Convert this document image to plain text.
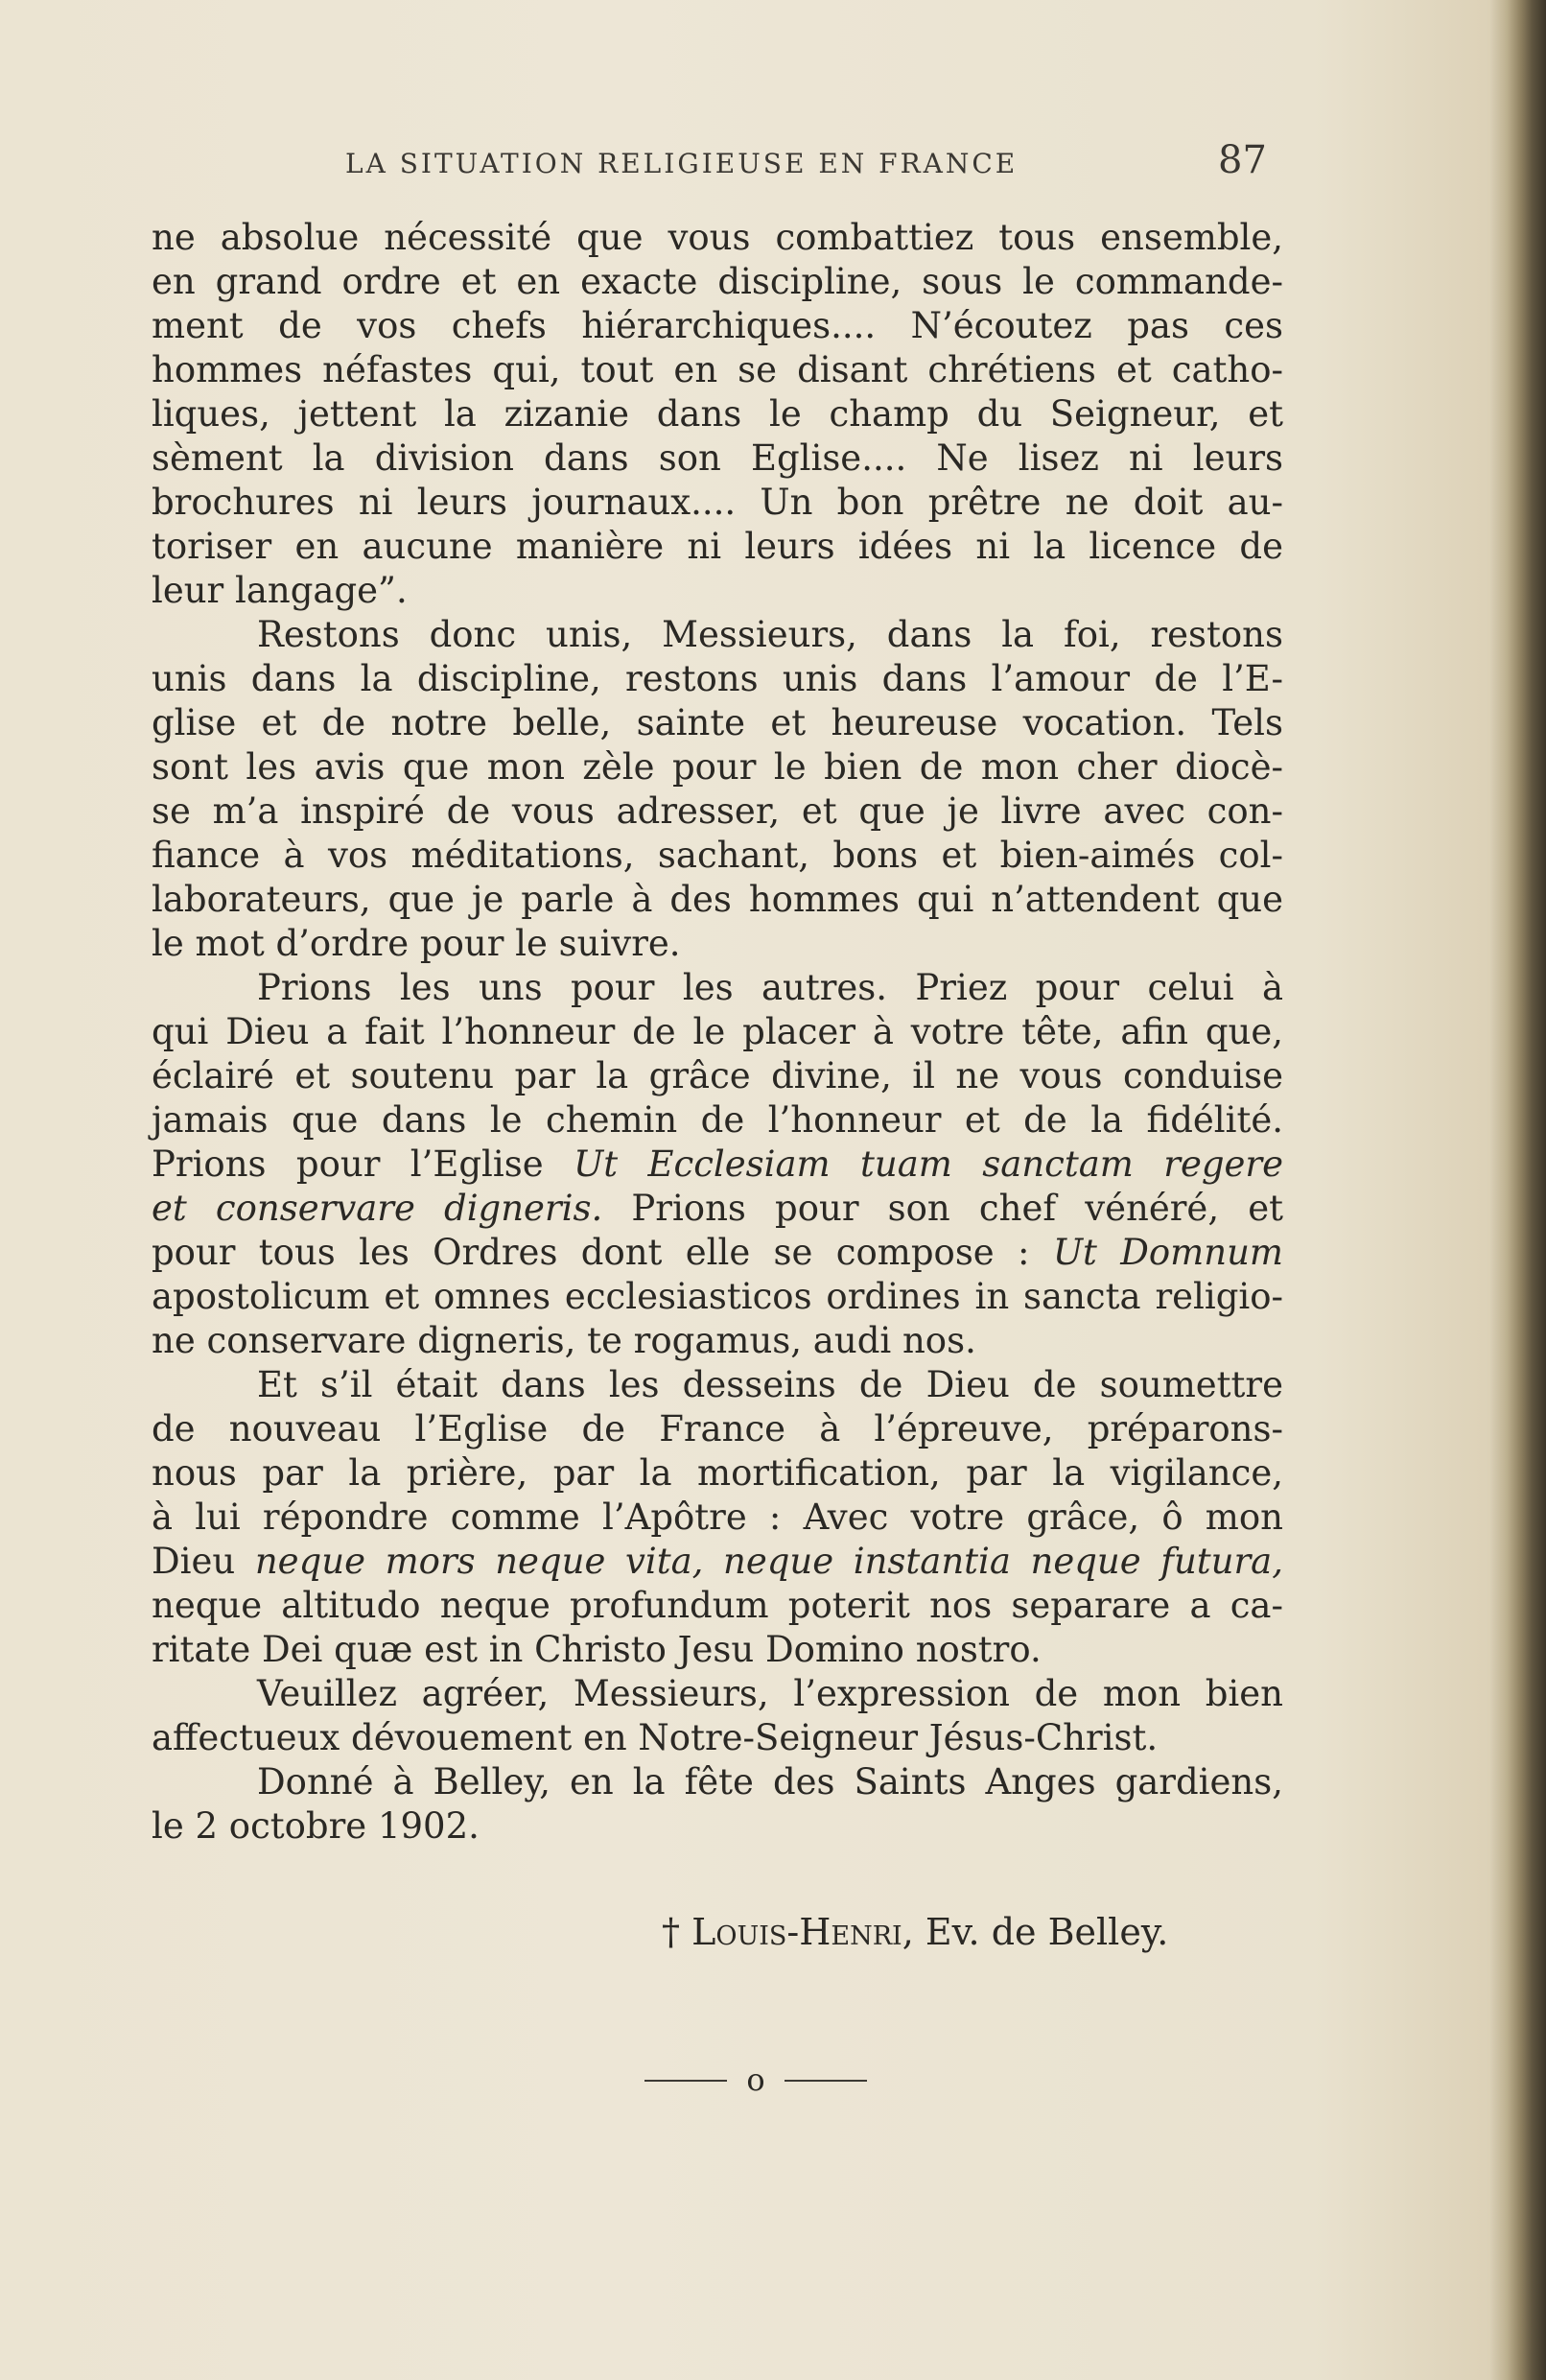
LA SITUATION RELIGIEUSE EN FRANCE	87
ne absolue nécessité que vous combattiez tous ensemble,
en grand ordre et en exacte discipline, sous le commande-
ment de vos chefs hiérarchiques.... N’écoutez pas ces
hommes néfastes qui, tout en se disant chrétiens et catho-
liques, jettent la zizanie dans le champ du Seigneur, et
sèment la division dans son Eglise.... Ne lisez ni leurs
brochures ni leurs journaux.... Un bon prêtre ne doit au-
toriser en aucune manière ni leurs idées ni la licence de
leur langage”.
Restons donc unis, Messieurs, dans la foi, restons
unis dans la discipline, restons unis dans l’amour de l’E-
glise et de notre belle, sainte et heureuse vocation. Tels
sont les avis que mon zèle pour le bien de mon cher diocè-
se m’a inspiré de vous adresser, et que je livre avec con-
fiance à vos méditations, sachant, bons et bien-aimés col-
laborateurs, que je parle à des hommes qui n’attendent que
le mot d’ordre pour le suivre.
Prions les uns pour les autres. Priez pour celui à
qui Dieu a fait l’honneur de le placer à votre tête, afin que,
éclairé et soutenu par la grâce divine, il ne vous conduise
jamais que dans le chemin de l’honneur et de la fidélité.
Prions pour l’Eglise Ut Ecclesiam tuam sanctam regere
et conservare digneris. Prions pour son chef vénéré, et
pour tous les Ordres dont elle se compose : Ut Domnum
apostolicum et omnes ecclesiasticos ordines in sancta religio-
ne conservare digneris, te rogamus, audi nos.
Et s’il était dans les desseins de Dieu de soumettre
de nouveau l’Eglise de France à l’épreuve, préparons-
nous par la prière, par la mortification, par la vigilance,
à lui répondre comme l’Apôtre : Avec votre grâce, ô mon
Dieu neque mors neque vita, neque instantia neque futura,
neque altitudo neque profundum poterit nos separare a ca-
ritate Dei quæ est in Christo Jesu Domino nostro.
Veuillez agréer, Messieurs, l’expression de mon bien
affectueux dévouement en Notre-Seigneur Jésus-Christ.
Donné à Belley, en la fête des Saints Anges gardiens,
le 2 octobre 1902.
† Louis-Henri, Ev. de Belley.
o
